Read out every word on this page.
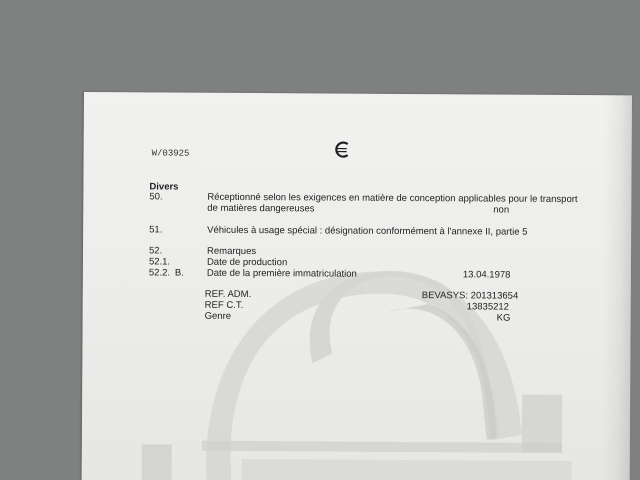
W/03925
Divers
50.	Réceptionné selon les exigences en matière de conception applicables pour le transport
de matières dangereuses	non
51.	Véhicules à usage spécial : désignation conformément à l'annexe II, partie 5
52.	Remarques
52.1.	Date de production
52.2. B. Date de la première immatriculation	13.04.1978
REF. ADM.	BEVASYS: 201313654
REF C.T.	13835212
Genre	KG
